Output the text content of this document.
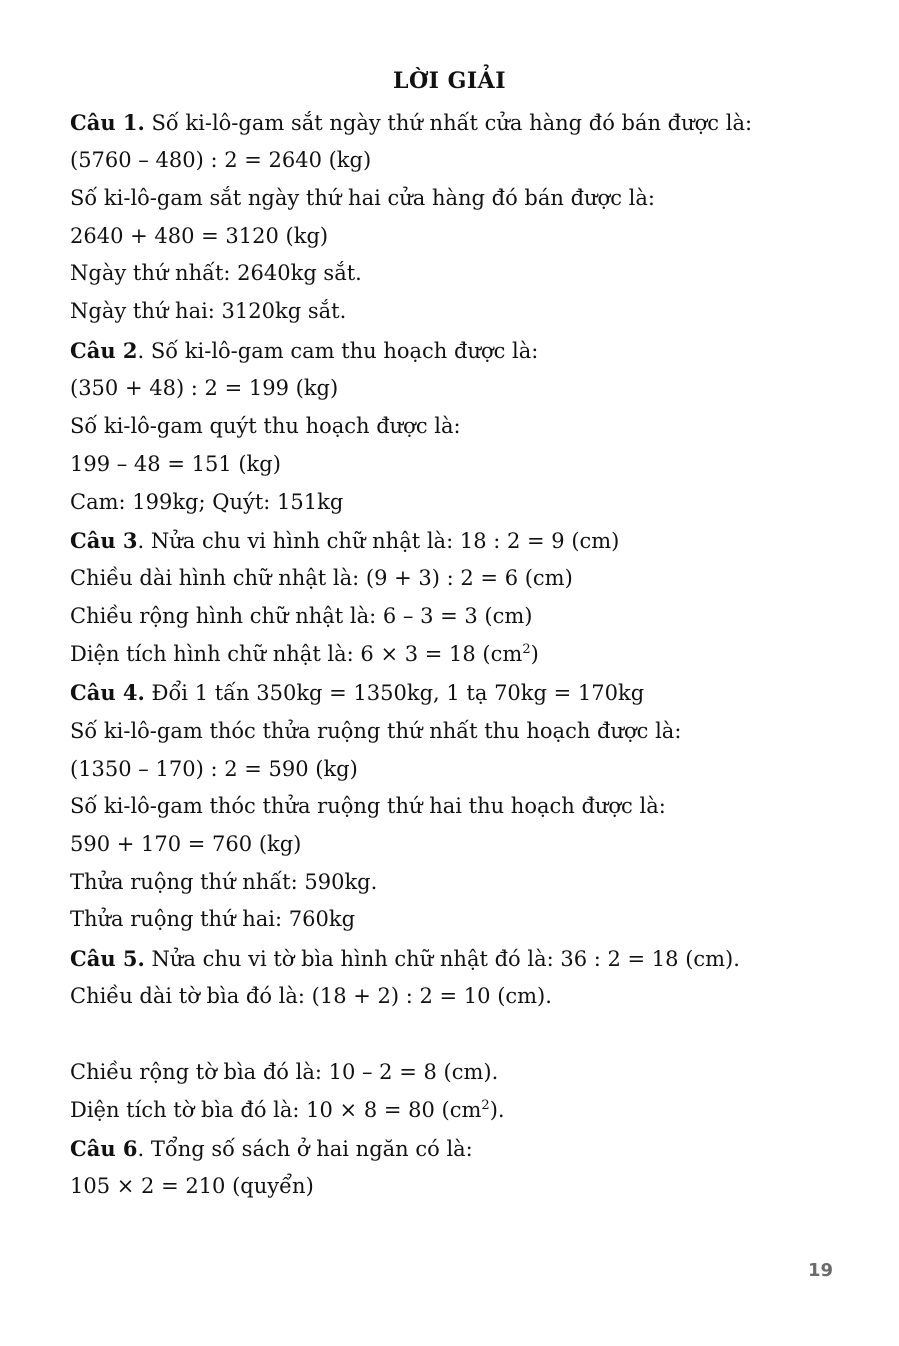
LỜI GIẢI
Câu 1. Số ki-lô-gam sắt ngày thứ nhất cửa hàng đó bán được là:
(5760 – 480) : 2 = 2640 (kg)
Số ki-lô-gam sắt ngày thứ hai cửa hàng đó bán được là:
2640 + 480 = 3120 (kg)
Ngày thứ nhất: 2640kg sắt.
Ngày thứ hai: 3120kg sắt.
Câu 2. Số ki-lô-gam cam thu hoạch được là:
(350 + 48) : 2 = 199 (kg)
Số ki-lô-gam quýt thu hoạch được là:
199 – 48 = 151 (kg)
Cam: 199kg; Quýt: 151kg
Câu 3. Nửa chu vi hình chữ nhật là: 18 : 2 = 9 (cm)
Chiều dài hình chữ nhật là: (9 + 3) : 2 = 6 (cm)
Chiều rộng hình chữ nhật là: 6 – 3 = 3 (cm)
Diện tích hình chữ nhật là: 6 × 3 = 18 $(cm^2)$
Câu 4. Đổi 1 tấn 350kg = 1350kg, 1 tạ 70kg = 170kg
Số ki-lô-gam thóc thửa ruộng thứ nhất thu hoạch được là:
(1350 – 170) : 2 = 590 (kg)
Số ki-lô-gam thóc thửa ruộng thứ hai thu hoạch được là:
590 + 170 = 760 (kg)
Thửa ruộng thứ nhất: 590kg.
Thửa ruộng thứ hai: 760kg
Câu 5. Nửa chu vi tờ bìa hình chữ nhật đó là: 36 : 2 = 18 (cm).
Chiều dài tờ bìa đó là: (18 + 2) : 2 = 10 (cm).
Chiều rộng tờ bìa đó là: 10 – 2 = 8 (cm).
Diện tích tờ bìa đó là: 10 × 8 = 80 $(cm^2)$.
Câu 6. Tổng số sách ở hai ngăn có là:
105 × 2 = 210 (quyển)
19
